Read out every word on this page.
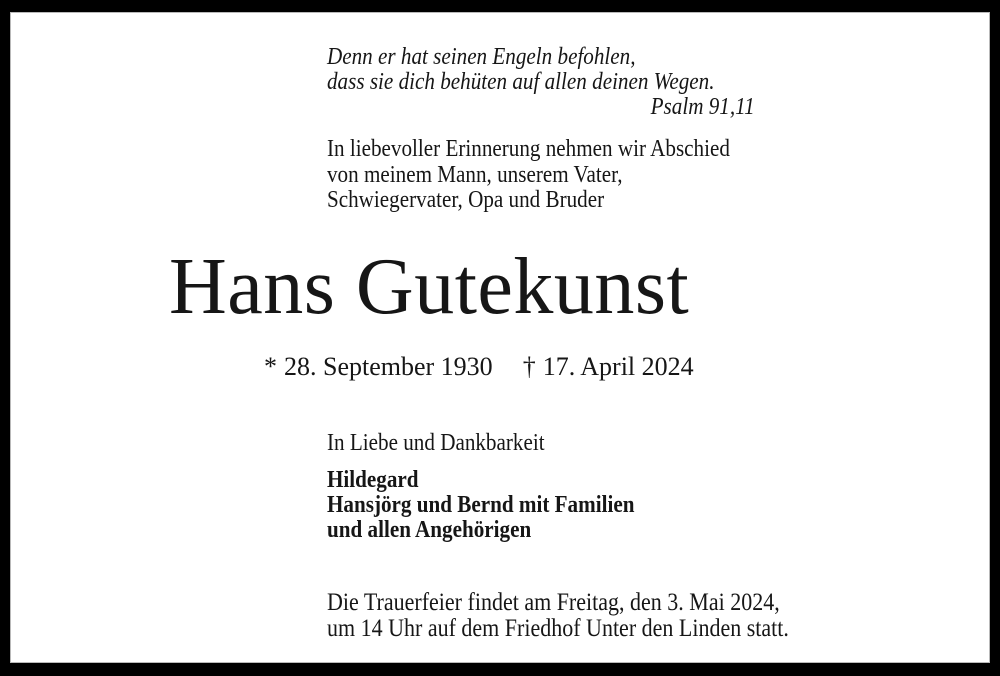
Denn er hat seinen Engeln befohlen,
dass sie dich behüten auf allen deinen Wegen.
Psalm 91,11
In liebevoller Erinnerung nehmen wir Abschied
von meinem Mann, unserem Vater,
Schwiegervater, Opa und Bruder
Hans Gutekunst
* 28. September 1930 † 17. April 2024
In Liebe und Dankbarkeit
Hildegard
Hansjörg und Bernd mit Familien
und allen Angehörigen
Die Trauerfeier findet am Freitag, den 3. Mai 2024,
um 14 Uhr auf dem Friedhof Unter den Linden statt.
